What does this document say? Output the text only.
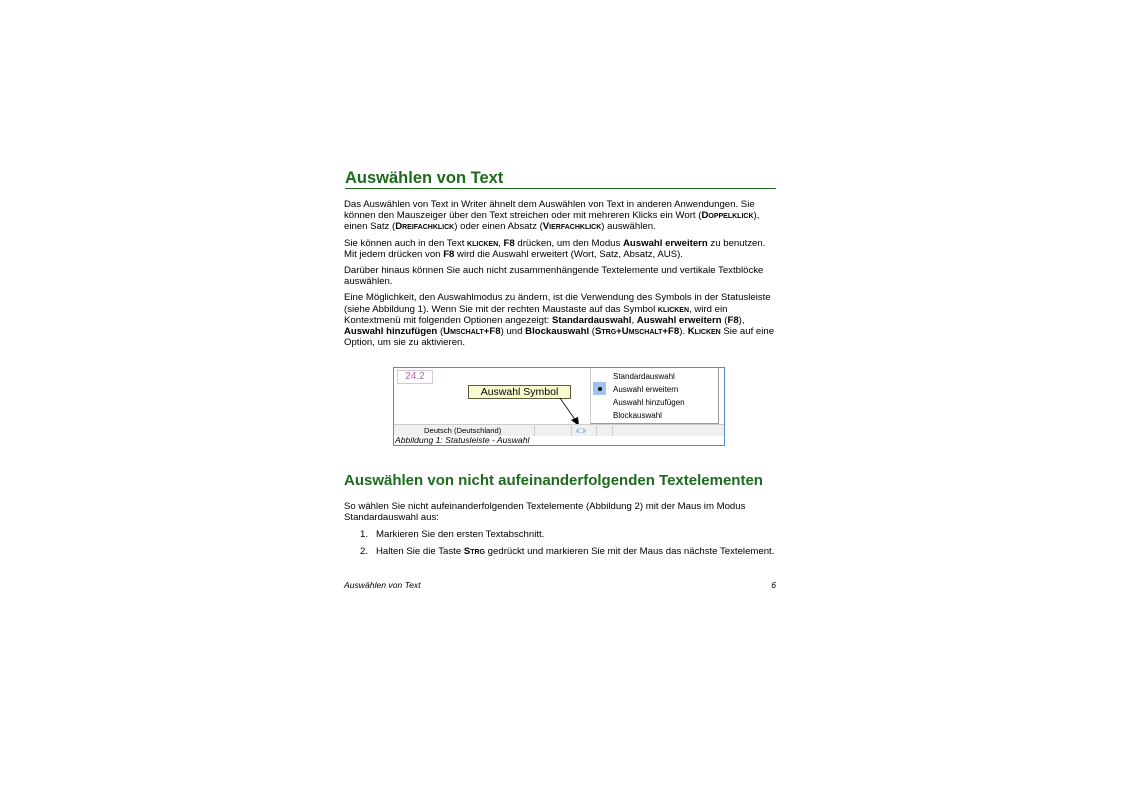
Auswählen von Text

Das Auswählen von Text in Writer ähnelt dem Auswählen von Text in anderen Anwendungen. Sie können den Mauszeiger über den Text streichen oder mit mehreren Klicks ein Wort (Doppelklick), einen Satz (Dreifachklick) oder einen Absatz (Vierfachklick) auswählen.

Sie können auch in den Text klicken, F8 drücken, um den Modus Auswahl erweitern zu benutzen. Mit jedem drücken von F8 wird die Auswahl erweitert (Wort, Satz, Absatz, AUS).

Darüber hinaus können Sie auch nicht zusammenhängende Textelemente und vertikale Textblöcke auswählen.

Eine Möglichkeit, den Auswahlmodus zu ändern, ist die Verwendung des Symbols in der Statusleiste (siehe Abbildung 1). Wenn Sie mit der rechten Maustaste auf das Symbol klicken, wird ein Kontextmenü mit folgenden Optionen angezeigt: Standardauswahl, Auswahl erweitern (F8), Auswahl hinzufügen (Umschalt+F8) und Blockauswahl (Strg+Umschalt+F8). Klicken Sie auf eine Option, um sie zu aktivieren.

24.2
Auswahl Symbol
Standardauswahl
Auswahl erweitern
Auswahl hinzufügen
Blockauswahl
Deutsch (Deutschland)	‹□›
Abbildung 1: Statusleiste - Auswahl
Auswählen von nicht aufeinanderfolgenden Textelementen

So wählen Sie nicht aufeinanderfolgenden Textelemente (Abbildung 2) mit der Maus im Modus Standardauswahl aus:

1. Markieren Sie den ersten Textabschnitt.
2. Halten Sie die Taste Strg gedrückt und markieren Sie mit der Maus das nächste Textelement.
Auswählen von Text	6
